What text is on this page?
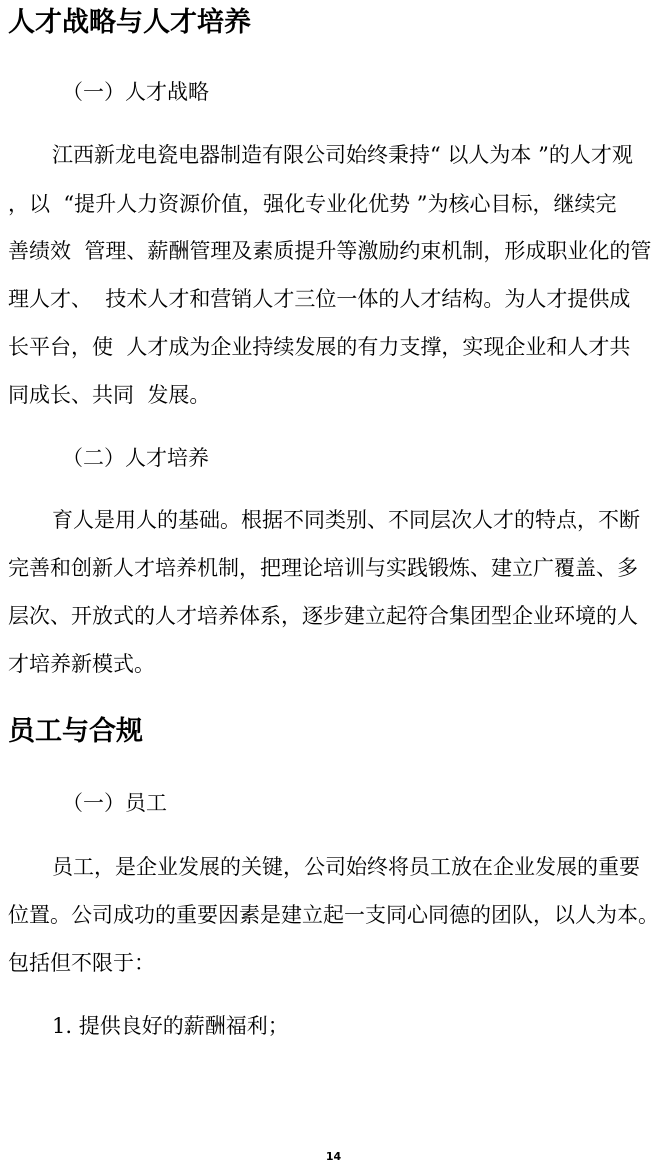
人才战略与人才培养
（一）人才战略
江西新龙电瓷电器制造有限公司始终秉持“ 以人为本 ”的人才观
，以  “提升人力资源价值，强化专业化优势 ”为核心目标，继续完
善绩效  管理、薪酬管理及素质提升等激励约束机制，形成职业化的管
理人才、  技术人才和营销人才三位一体的人才结构。为人才提供成
长平台，使  人才成为企业持续发展的有力支撑，实现企业和人才共
同成长、共同  发展。
（二）人才培养
育人是用人的基础。根据不同类别、不同层次人才的特点，不断
完善和创新人才培养机制，把理论培训与实践锻炼、建立广覆盖、多
层次、开放式的人才培养体系，逐步建立起符合集团型企业环境的人
才培养新模式。
员工与合规
（一）员工
员工，是企业发展的关键，公司始终将员工放在企业发展的重要
位置。公司成功的重要因素是建立起一支同心同德的团队，以人为本。
包括但不限于：
1. 提供良好的薪酬福利；
14
